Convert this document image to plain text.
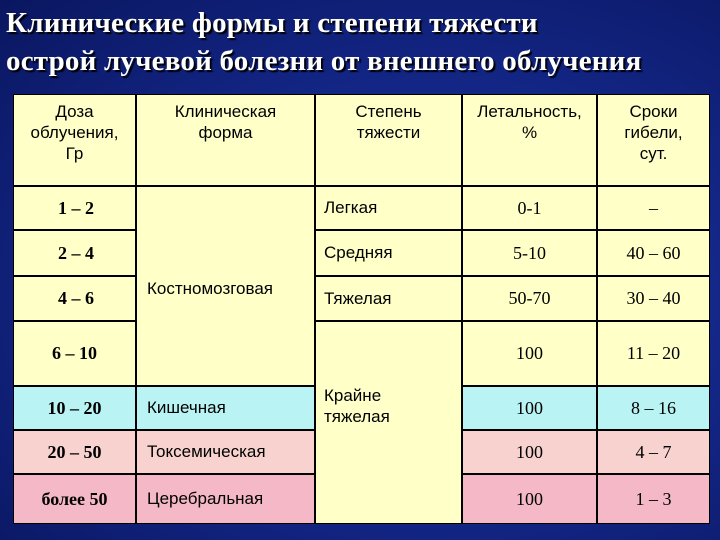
Клинические формы и степени тяжести
острой лучевой болезни от внешнего облучения
Доза
облучения,
Гр
Клиническая
форма
Степень
тяжести
Летальность,
%
Сроки
гибели,
сут.
1 – 2
2 – 4
4 – 6
6 – 10
10 – 20
20 – 50
более 50
Костномозговая
Кишечная
Токсемическая
Церебральная
Легкая
Средняя
Тяжелая
Крайне
тяжелая
0-1
5-10
50-70
100
100
100
100
–
40 – 60
30 – 40
11 – 20
8 – 16
4 – 7
1 – 3
